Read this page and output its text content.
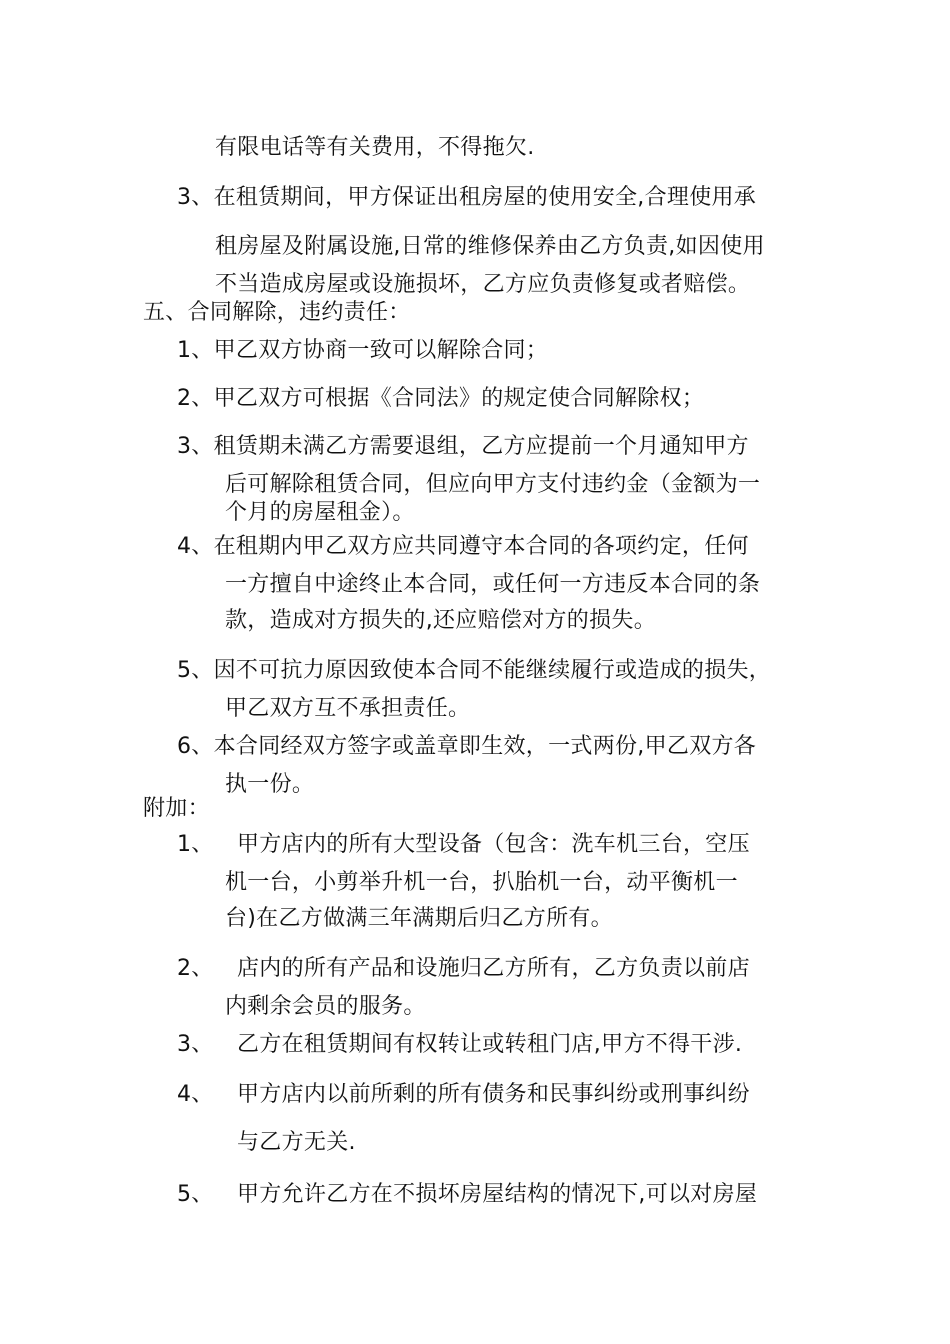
有限电话等有关费用，不得拖欠.
3、在租赁期间，甲方保证出租房屋的使用安全,合理使用承
租房屋及附属设施,日常的维修保养由乙方负责,如因使用
不当造成房屋或设施损坏，乙方应负责修复或者赔偿。
五、合同解除，违约责任：
1、甲乙双方协商一致可以解除合同；
2、甲乙双方可根据《合同法》的规定使合同解除权；
3、租赁期未满乙方需要退组，乙方应提前一个月通知甲方
后可解除租赁合同，但应向甲方支付违约金（金额为一
个月的房屋租金）。
4、在租期内甲乙双方应共同遵守本合同的各项约定，任何
一方擅自中途终止本合同，或任何一方违反本合同的条
款，造成对方损失的,还应赔偿对方的损失。
5、因不可抗力原因致使本合同不能继续履行或造成的损失，
甲乙双方互不承担责任。
6、本合同经双方签字或盖章即生效，一式两份,甲乙双方各
执一份。
附加：
1、 甲方店内的所有大型设备（包含：洗车机三台，空压
机一台，小剪举升机一台，扒胎机一台，动平衡机一
台)在乙方做满三年满期后归乙方所有。
2、 店内的所有产品和设施归乙方所有，乙方负责以前店
内剩余会员的服务。
3、 乙方在租赁期间有权转让或转租门店,甲方不得干涉.
4、 甲方店内以前所剩的所有债务和民事纠纷或刑事纠纷
与乙方无关.
5、 甲方允许乙方在不损坏房屋结构的情况下,可以对房屋
